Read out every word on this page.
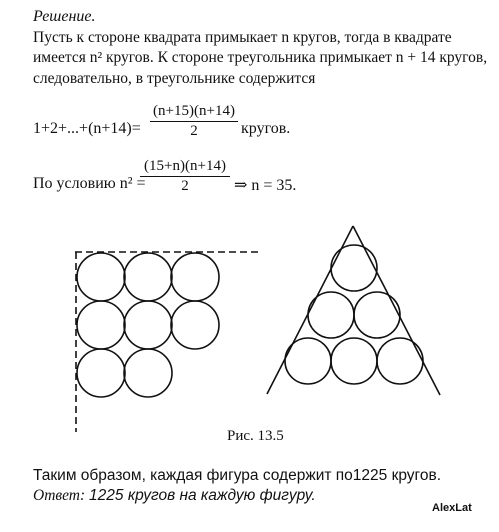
Решение.
Пусть к стороне квадрата примыкает n кругов, тогда в квадрате
имеется n² кругов. К стороне треугольника примыкает n + 14 кругов,
следовательно, в треугольнике содержится
1+2+...+(n+14)=
(n+15)(n+14)
2	кругов.
По условию n² =
(15+n)(n+14)
2	⇒ n = 35.
Рис. 13.5
Таким образом, каждая фигура содержит по1225 кругов.
Ответ: 1225 кругов на каждую фигуру.
AlexLat
